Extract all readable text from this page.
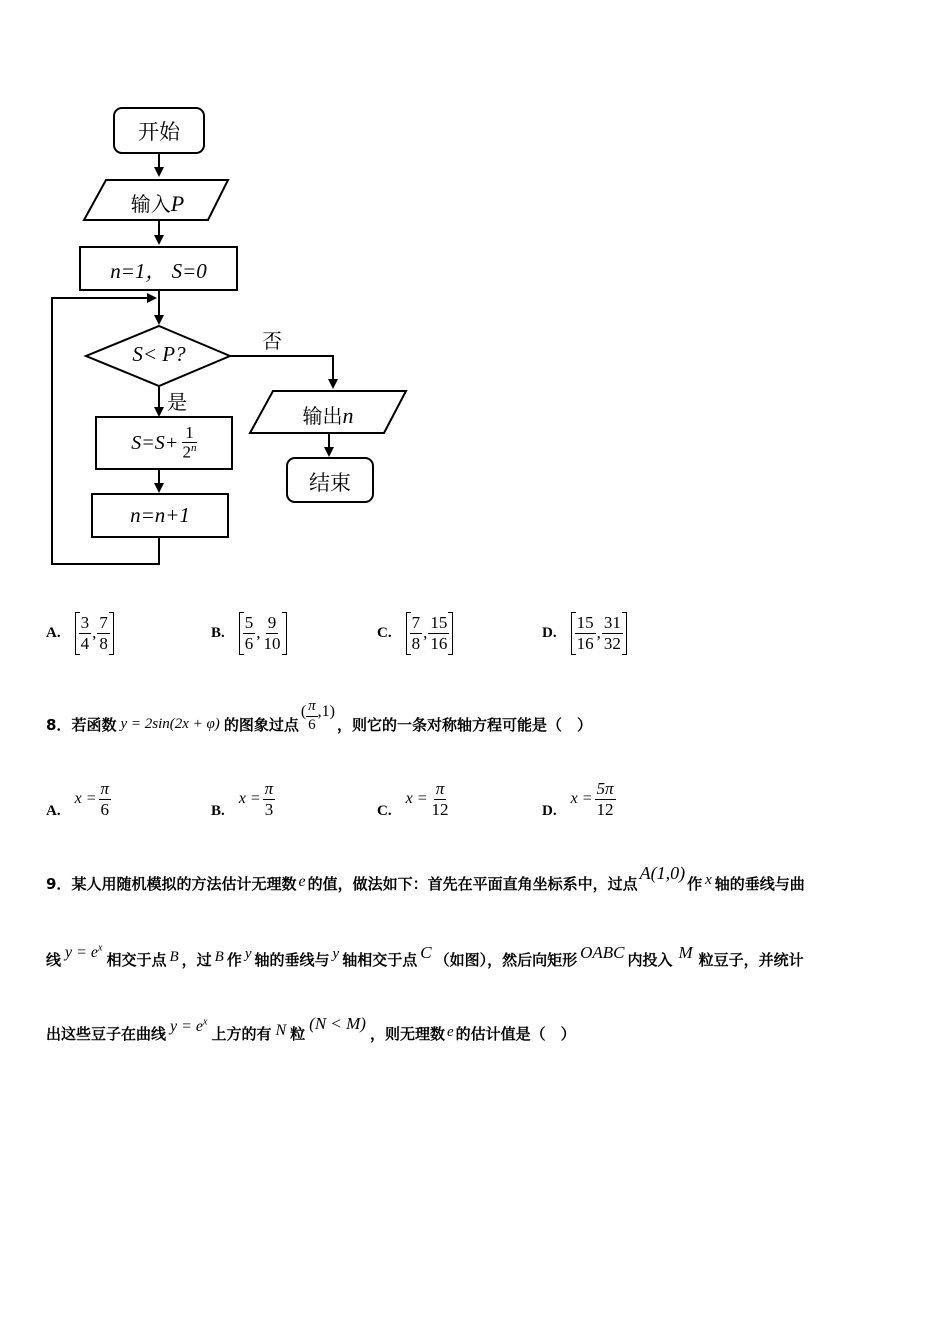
开始
输入P
n=1， S=0
S< P?
否
是
$S=S+ \frac{1}{2^n}$
n=n+1
输出n
结束
A. $\frac{3}{4}$ , $\frac{7}{8}$	B. $\frac{5}{6}$ , $\frac{9}{10}$	C. $\frac{7}{8}$ , $\frac{15}{16}$	D. $\frac{15}{16}$ , $\frac{31}{32}$
8． 若函数 y = 2sin(2x + φ) 的图象过点
( $\frac{\pi}{6} ,1$)
，则它的一条对称轴方程可能是（　）
A.
$x = \frac{\pi}{6}$	B.
$x = \frac{\pi}{3}$	C.
$x = \frac{\pi}{12}$	D.
$x = \frac{5\pi}{12}$
9． 某人用随机模拟的方法估计无理数 e 的值，做法如下：首先在平面直角坐标系中，过点
A(1,0)
作 x 轴的垂线与曲
线 $y = e^x$
相交于点 B ，过 B 作 y 轴的垂线与 y 轴相交于点 C （如图），然后向矩形 OABC 内投入 M 粒豆子，并统计
出这些豆子在曲线 $y = e^x$
上方的有 N 粒
(N < M)
，则无理数 e 的估计值是（　）
